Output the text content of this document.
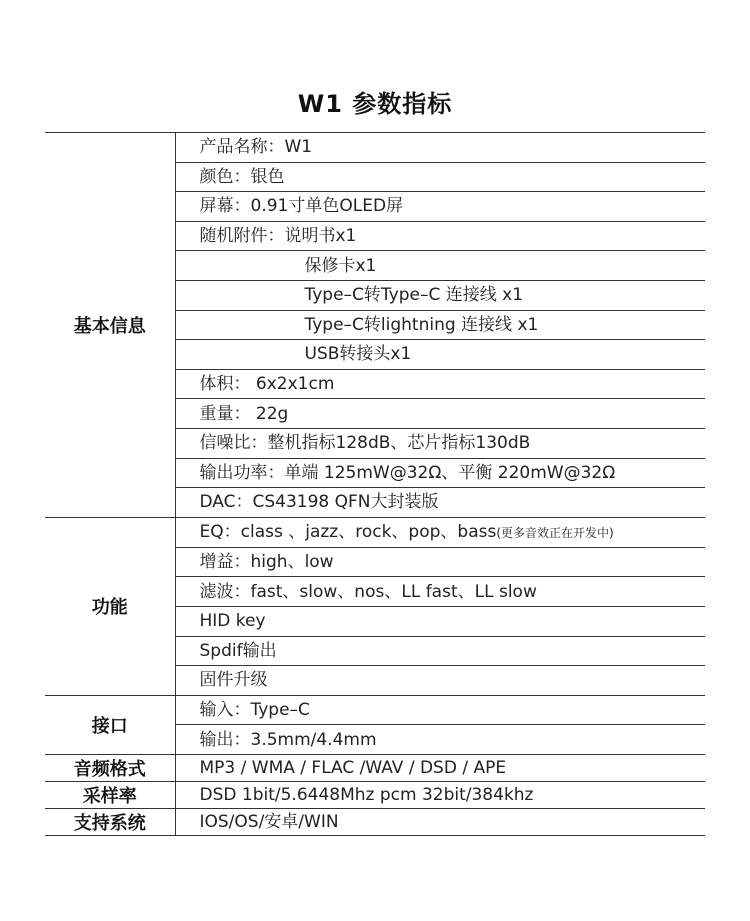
W1 参数指标
基本信息	产品名称：W1
	颜色：银色
	屏幕：0.91寸单色OLED屏
	随机附件：说明书x1
	保修卡x1
	Type–C转Type–C 连接线 x1
	Type–C转lightning 连接线 x1
	USB转接头x1
	体积： 6x2x1cm
	重量： 22g
	信噪比：整机指标128dB、芯片指标130dB
	输出功率：单端 125mW@32Ω、平衡 220mW@32Ω
	DAC：CS43198 QFN大封装版
功能	EQ：class 、jazz、rock、pop、bass(更多音效正在开发中)
	增益：high、low
	滤波：fast、slow、nos、LL fast、LL slow
	HID key
	Spdif输出
	固件升级
接口	输入：Type–C
	输出：3.5mm/4.4mm
音频格式	MP3 / WMA / FLAC /WAV / DSD / APE
采样率	DSD 1bit/5.6448Mhz pcm 32bit/384khz
支持系统	IOS/OS/安卓/WIN
